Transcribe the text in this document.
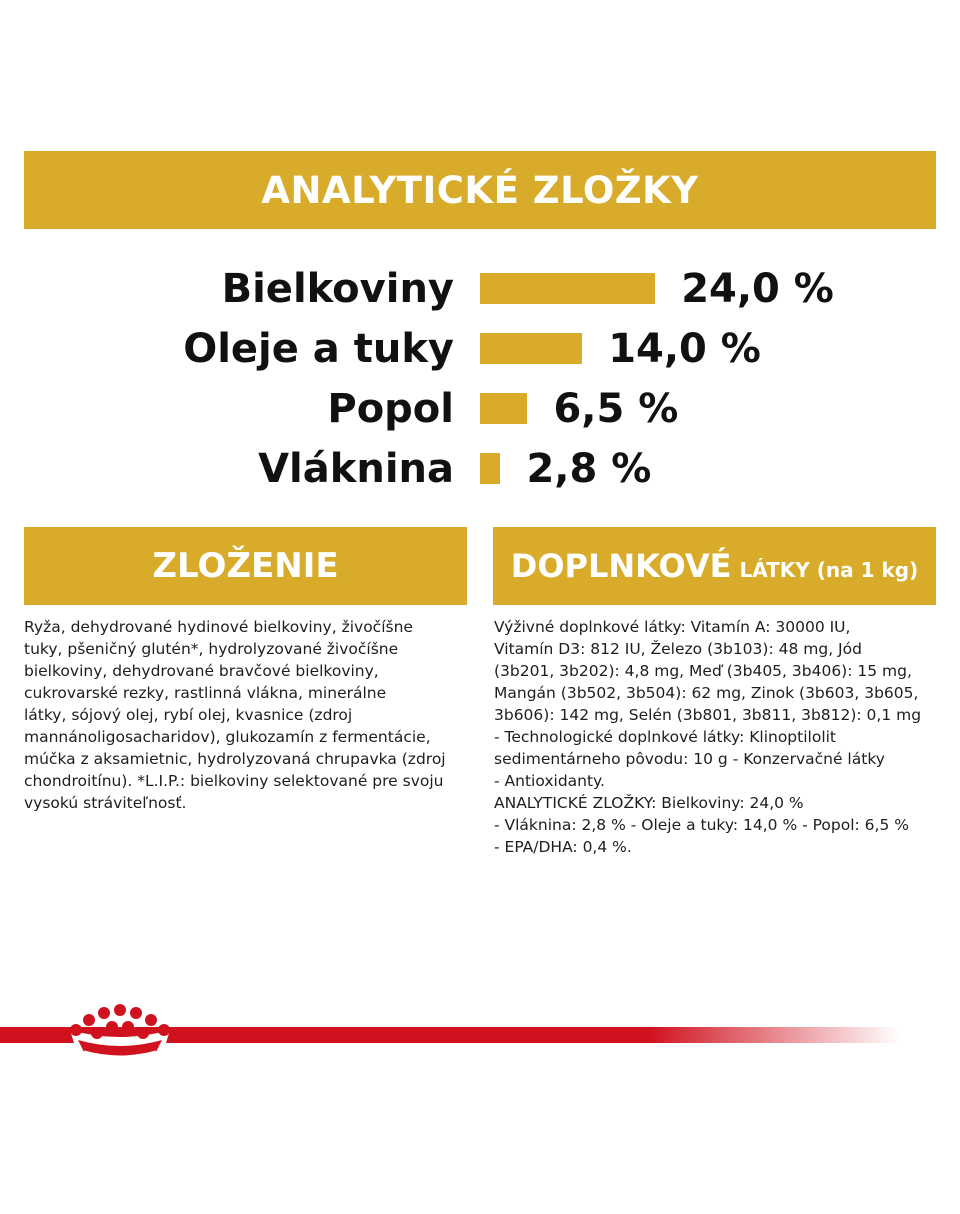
ANALYTICKÉ ZLOŽKY
Bielkoviny	24,0 %
Oleje a tuky	14,0 %
Popol 6,5 %
Vláknina 2,8 %
ZLOŽENIE	DOPLNKOVÉ LÁTKY (na 1 kg)
Ryža, dehydrované hydinové bielkoviny, živočíšne
tuky, pšeničný glutén*, hydrolyzované živočíšne
bielkoviny, dehydrované bravčové bielkoviny,
cukrovarské rezky, rastlinná vlákna, minerálne
látky, sójový olej, rybí olej, kvasnice (zdroj
mannánoligosacharidov), glukozamín z fermentácie,
múčka z aksamietnic, hydrolyzovaná chrupavka (zdroj
chondroitínu). *L.I.P.: bielkoviny selektované pre svoju
vysokú stráviteľnosť.
Výživné doplnkové látky: Vitamín A: 30000 IU,
Vitamín D3: 812 IU, Železo (3b103): 48 mg, Jód
(3b201, 3b202): 4,8 mg, Meď (3b405, 3b406): 15 mg,
Mangán (3b502, 3b504): 62 mg, Zinok (3b603, 3b605,
3b606): 142 mg, Selén (3b801, 3b811, 3b812): 0,1 mg
- Technologické doplnkové látky: Klinoptilolit
sedimentárneho pôvodu: 10 g - Konzervačné látky
- Antioxidanty.
ANALYTICKÉ ZLOŽKY: Bielkoviny: 24,0 %
- Vláknina: 2,8 % - Oleje a tuky: 14,0 % - Popol: 6,5 %
- EPA/DHA: 0,4 %.
